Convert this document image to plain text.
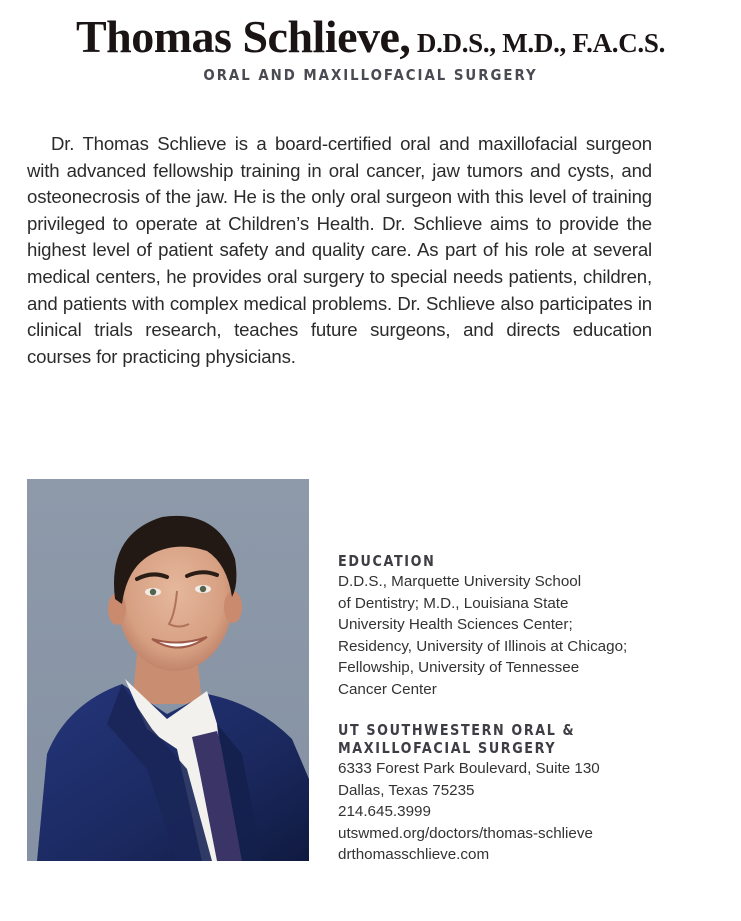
Thomas Schlieve, D.D.S., M.D., F.A.C.S.
ORAL AND MAXILLOFACIAL SURGERY

Dr. Thomas Schlieve is a board-certified oral and maxillofacial surgeon with advanced fellowship training in oral cancer, jaw tumors and cysts, and osteonecrosis of the jaw. He is the only oral surgeon with this level of training privileged to operate at Children’s Health. Dr. Schlieve aims to provide the highest level of patient safety and quality care. As part of his role at several medical centers, he provides oral surgery to special needs patients, children, and patients with complex medical problems. Dr. Schlieve also participates in clinical trials research, teaches future surgeons, and directs education courses for practicing physicians.

EDUCATION
D.D.S., Marquette University School
of Dentistry; M.D., Louisiana State
University Health Sciences Center;
Residency, University of Illinois at Chicago;
Fellowship, University of Tennessee
Cancer Center
UT SOUTHWESTERN ORAL &
MAXILLOFACIAL SURGERY
6333 Forest Park Boulevard, Suite 130
Dallas, Texas 75235
214.645.3999
utswmed.org/doctors/thomas-schlieve
drthomasschlieve.com
